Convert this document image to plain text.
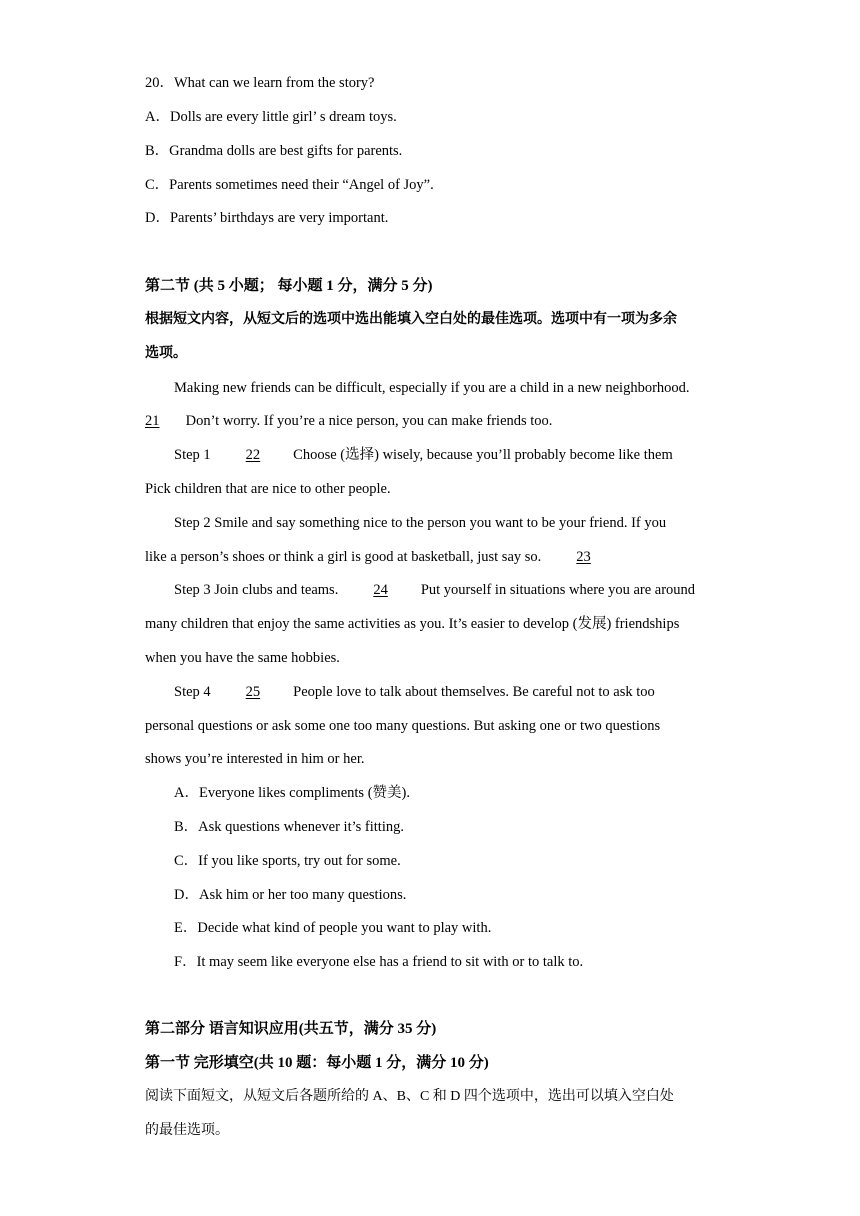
20．What can we learn from the story?
A．Dolls are every little girl’ s dream toys.
B．Grandma dolls are best gifts for parents.
C．Parents sometimes need their “Angel of Joy”.
D．Parents’ birthdays are very important.
第二节 (共 5 小题； 每小题 1 分，满分 5 分)
根据短文内容，从短文后的选项中选出能填入空白处的最佳选项。选项中有一项为多余
选项。
Making new friends can be difficult, especially if you are a child in a new neighborhood.
21 Don’t worry. If you’re a nice person, you can make friends too.
Step 1 22 Choose (选择) wisely, because you’ll probably become like them
Pick children that are nice to other people.
Step 2 Smile and say something nice to the person you want to be your friend. If you
like a person’s shoes or think a girl is good at basketball, just say so. 23
Step 3 Join clubs and teams. 24 Put yourself in situations where you are around
many children that enjoy the same activities as you. It’s easier to develop (发展) friendships
when you have the same hobbies.
Step 4 25 People love to talk about themselves. Be careful not to ask too
personal questions or ask some one too many questions. But asking one or two questions
shows you’re interested in him or her.
A．Everyone likes compliments (赞美).
B．Ask questions whenever it’s fitting.
C．If you like sports, try out for some.
D．Ask him or her too many questions.
E．Decide what kind of people you want to play with.
F．It may seem like everyone else has a friend to sit with or to talk to.
第二部分 语言知识应用(共五节，满分 35 分)
第一节 完形填空(共 10 题：每小题 1 分，满分 10 分)
阅读下面短文，从短文后各题所给的 A、B、C 和 D 四个选项中，选出可以填入空白处
的最佳选项。
